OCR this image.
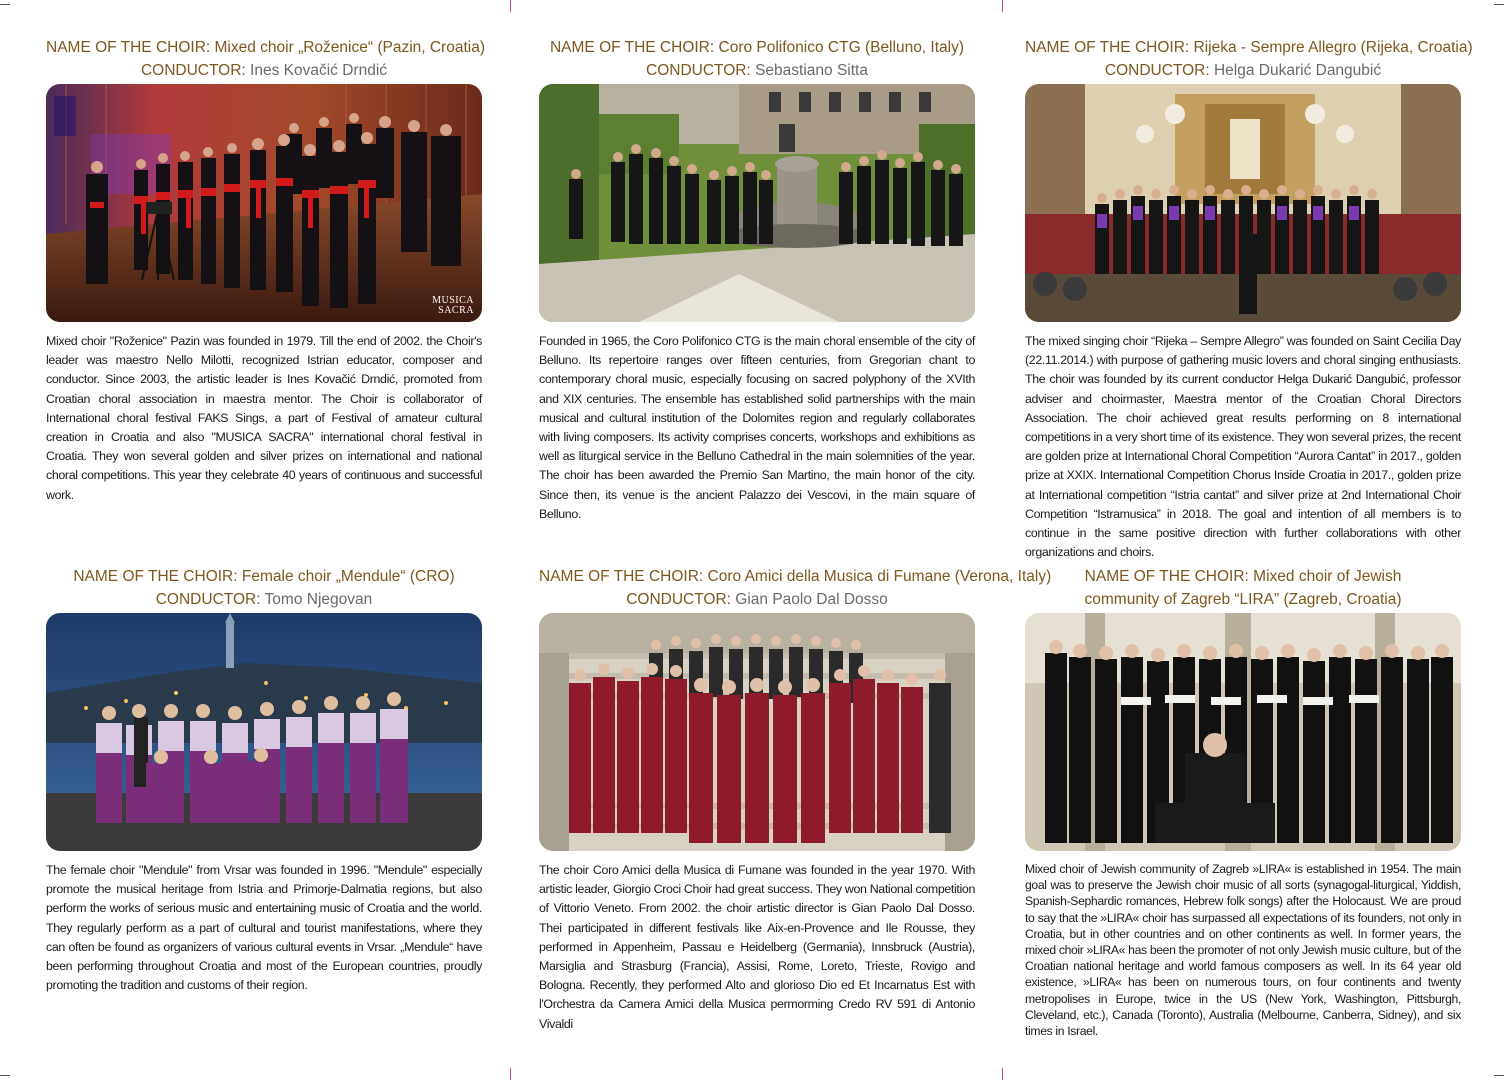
NAME OF THE CHOIR: Mixed choir „Roženice“ (Pazin, Croatia)
CONDUCTOR: Ines Kovačić Drndić
MUSICA
SACRA
Mixed choir "Roženice" Pazin was founded in 1979. Till the end of 2002. the Choir's leader was maestro Nello Milotti, recognized Istrian educator, composer and conductor. Since 2003, the artistic leader is Ines Kovačić Drndić, promoted from Croatian choral association in maestra mentor. The Choir is collaborator of International choral festival FAKS Sings, a part of Festival of amateur cultural creation in Croatia and also "MUSICA SACRA" international choral festival in Croatia. They won several golden and silver prizes on international and national choral competitions. This year they celebrate 40 years of continuous and successful work.
NAME OF THE CHOIR: Coro Polifonico CTG (Belluno, Italy)
CONDUCTOR: Sebastiano Sitta
Founded in 1965, the Coro Polifonico CTG is the main choral ensemble of the city of Belluno. Its repertoire ranges over fifteen centuries, from Gregorian chant to contemporary choral music, especially focusing on sacred polyphony of the XVIth and XIX centuries. The ensemble has established solid partnerships with the main musical and cultural institution of the Dolomites region and regularly collaborates with living composers. Its activity comprises concerts, workshops and exhibitions as well as liturgical service in the Belluno Cathedral in the main solemnities of the year. The choir has been awarded the Premio San Martino, the main honor of the city. Since then, its venue is the ancient Palazzo dei Vescovi, in the main square of Belluno.
NAME OF THE CHOIR: Rijeka - Sempre Allegro (Rijeka, Croatia)
CONDUCTOR: Helga Dukarić Dangubić
The mixed singing choir “Rijeka – Sempre Allegro” was founded on Saint Cecilia Day (22.11.2014.) with purpose of gathering music lovers and choral singing enthusiasts. The choir was founded by its current conductor Helga Dukarić Dangubić, professor adviser and choirmaster, Maestra mentor of the Croatian Choral Directors Association. The choir achieved great results performing on 8 international competitions in a very short time of its existence. They won several prizes, the recent are golden prize at International Choral Competition “Aurora Cantat” in 2017., golden prize at XXIX. International Competition Chorus Inside Croatia in 2017., golden prize at International competition “Istria cantat” and silver prize at 2nd International Choir Competition “Istramusica” in 2018. The goal and intention of all members is to continue in the same positive direction with further collaborations with other organizations and choirs.
NAME OF THE CHOIR: Female choir „Mendule“ (CRO)
CONDUCTOR: Tomo Njegovan
The female choir "Mendule" from Vrsar was founded in 1996. "Mendule" especially promote the musical heritage from Istria and Primorje-Dalmatia regions, but also perform the works of serious music and entertaining music of Croatia and the world. They regularly perform as a part of cultural and tourist manifestations, where they can often be found as organizers of various cultural events in Vrsar. „Mendule“ have been performing throughout Croatia and most of the European countries, proudly promoting the tradition and customs of their region.
NAME OF THE CHOIR: Coro Amici della Musica di Fumane (Verona, Italy)
CONDUCTOR: Gian Paolo Dal Dosso
The choir Coro Amici della Musica di Fumane was founded in the year 1970. With artistic leader, Giorgio Croci Choir had great success. They won National competition of Vittorio Veneto. From 2002. the choir artistic director is Gian Paolo Dal Dosso. Thei participated in different festivals like Aix-en-Provence and Ile Rousse, they performed in Appenheim, Passau e Heidelberg (Germania), Innsbruck (Austria), Marsiglia and Strasburg (Francia), Assisi, Rome, Loreto, Trieste, Rovigo and Bologna. Recently, they performed Alto and glorioso Dio ed Et Incarnatus Est with l'Orchestra da Camera Amici della Musica permorming Credo RV 591 di Antonio Vivaldi
NAME OF THE CHOIR: Mixed choir of Jewish community of Zagreb “LIRA” (Zagreb, Croatia)
Mixed choir of Jewish community of Zagreb »LIRA« is established in 1954. The main goal was to preserve the Jewish choir music of all sorts (synagogal-liturgical, Yiddish, Spanish-Sephardic romances, Hebrew folk songs) after the Holocaust. We are proud to say that the »LIRA« choir has surpassed all expectations of its founders, not only in Croatia, but in other countries and on other continents as well. In former years, the mixed choir »LIRA« has been the promoter of not only Jewish music culture, but of the Croatian national heritage and world famous composers as well. In its 64 year old existence, »LIRA« has been on numerous tours, on four continents and twenty metropolises in Europe, twice in the US (New York, Washington, Pittsburgh, Cleveland, etc.), Canada (Toronto), Australia (Melbourne, Canberra, Sidney), and six times in Israel.
